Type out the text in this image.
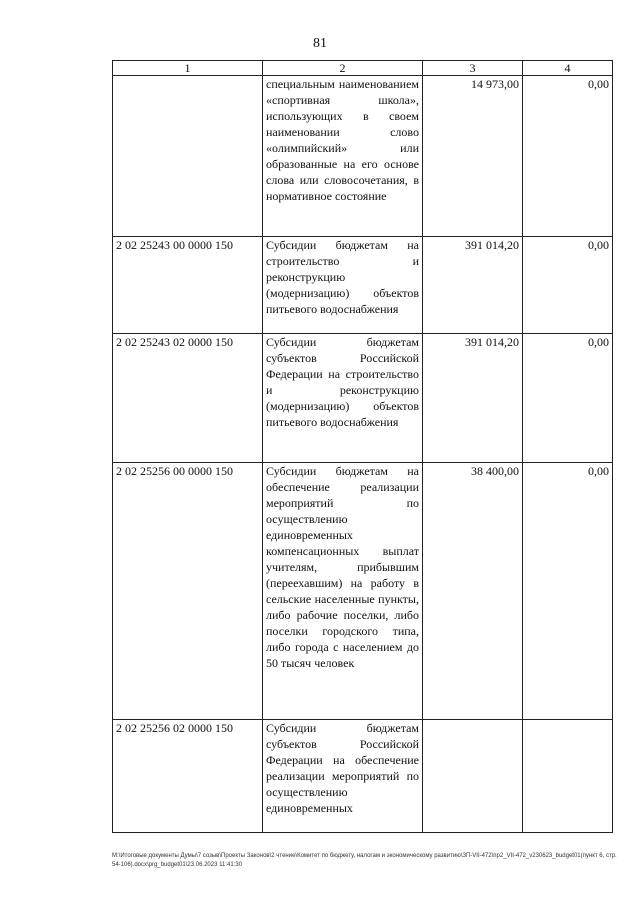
81
1	2	3	4

	специальным наименованием «спортивная школа», использующих в своем наименовании слово «олимпийский» или образованные на его основе слова или словосочетания, в нормативное состояние	14 973,00	0,00
2 02 25243 00 0000 150	Субсидии бюджетам на строительство и реконструкцию (модернизацию) объектов питьевого водоснабжения	391 014,20	0,00
2 02 25243 02 0000 150	Субсидии бюджетам субъектов Российской Федерации на строительство и реконструкцию (модернизацию) объектов питьевого водоснабжения	391 014,20	0,00
2 02 25256 00 0000 150	Субсидии бюджетам на обеспечение реализации мероприятий по осуществлению единовременных компенсационных выплат учителям, прибывшим (переехавшим) на работу в сельские населенные пункты, либо рабочие поселки, либо поселки городского типа, либо города с населением до 50 тысяч человек	38 400,00	0,00
2 02 25256 02 0000 150	Субсидии бюджетам субъектов Российской Федерации на обеспечение реализации мероприятий по осуществлению единовременных		

M:\Итоговые документы Думы\7 созыв\Проекты Законов\2 чтение\Комитет по бюджету, налогам и экономическому развитию\ЗП-VII-472\пр2_VII-472_v230623_budget01(пункт 6, стр.54-106).docx\prg_budget01\23.06.2023 11:41:30
